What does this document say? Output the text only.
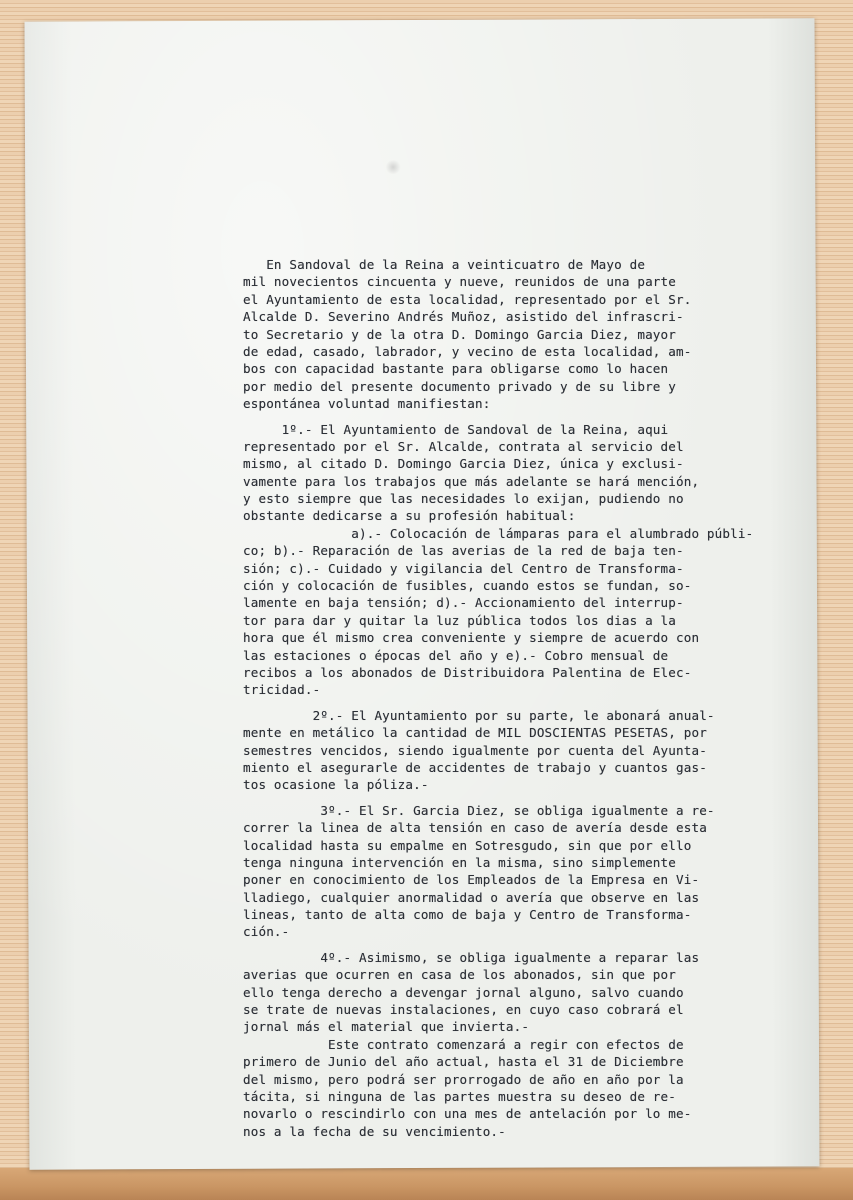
En Sandoval de la Reina a veinticuatro de Mayo de
mil novecientos cincuenta y nueve, reunidos de una parte
el Ayuntamiento de esta localidad, representado por el Sr.
Alcalde D. Severino Andrés Muñoz, asistido del infrascri-
to Secretario y de la otra D. Domingo Garcia Diez, mayor
de edad, casado, labrador, y vecino de esta localidad, am-
bos con capacidad bastante para obligarse como lo hacen
por medio del presente documento privado y de su libre y
espontánea voluntad manifiestan:
1º.- El Ayuntamiento de Sandoval de la Reina, aqui
representado por el Sr. Alcalde, contrata al servicio del
mismo, al citado D. Domingo Garcia Diez, única y exclusi-
vamente para los trabajos que más adelante se hará mención,
y esto siempre que las necesidades lo exijan, pudiendo no
obstante dedicarse a su profesión habitual:
a).- Colocación de lámparas para el alumbrado públi-
co; b).- Reparación de las averias de la red de baja ten-
sión; c).- Cuidado y vigilancia del Centro de Transforma-
ción y colocación de fusibles, cuando estos se fundan, so-
lamente en baja tensión; d).- Accionamiento del interrup-
tor para dar y quitar la luz pública todos los dias a la
hora que él mismo crea conveniente y siempre de acuerdo con
las estaciones o épocas del año y e).- Cobro mensual de
recibos a los abonados de Distribuidora Palentina de Elec-
tricidad.-
2º.- El Ayuntamiento por su parte, le abonará anual-
mente en metálico la cantidad de MIL DOSCIENTAS PESETAS, por
semestres vencidos, siendo igualmente por cuenta del Ayunta-
miento el asegurarle de accidentes de trabajo y cuantos gas-
tos ocasione la póliza.-
3º.- El Sr. Garcia Diez, se obliga igualmente a re-
correr la linea de alta tensión en caso de avería desde esta
localidad hasta su empalme en Sotresgudo, sin que por ello
tenga ninguna intervención en la misma, sino simplemente
poner en conocimiento de los Empleados de la Empresa en Vi-
lladiego, cualquier anormalidad o avería que observe en las
lineas, tanto de alta como de baja y Centro de Transforma-
ción.-
4º.- Asimismo, se obliga igualmente a reparar las
averias que ocurren en casa de los abonados, sin que por
ello tenga derecho a devengar jornal alguno, salvo cuando
se trate de nuevas instalaciones, en cuyo caso cobrará el
jornal más el material que invierta.-
Este contrato comenzará a regir con efectos de
primero de Junio del año actual, hasta el 31 de Diciembre
del mismo, pero podrá ser prorrogado de año en año por la
tácita, si ninguna de las partes muestra su deseo de re-
novarlo o rescindirlo con una mes de antelación por lo me-
nos a la fecha de su vencimiento.-
